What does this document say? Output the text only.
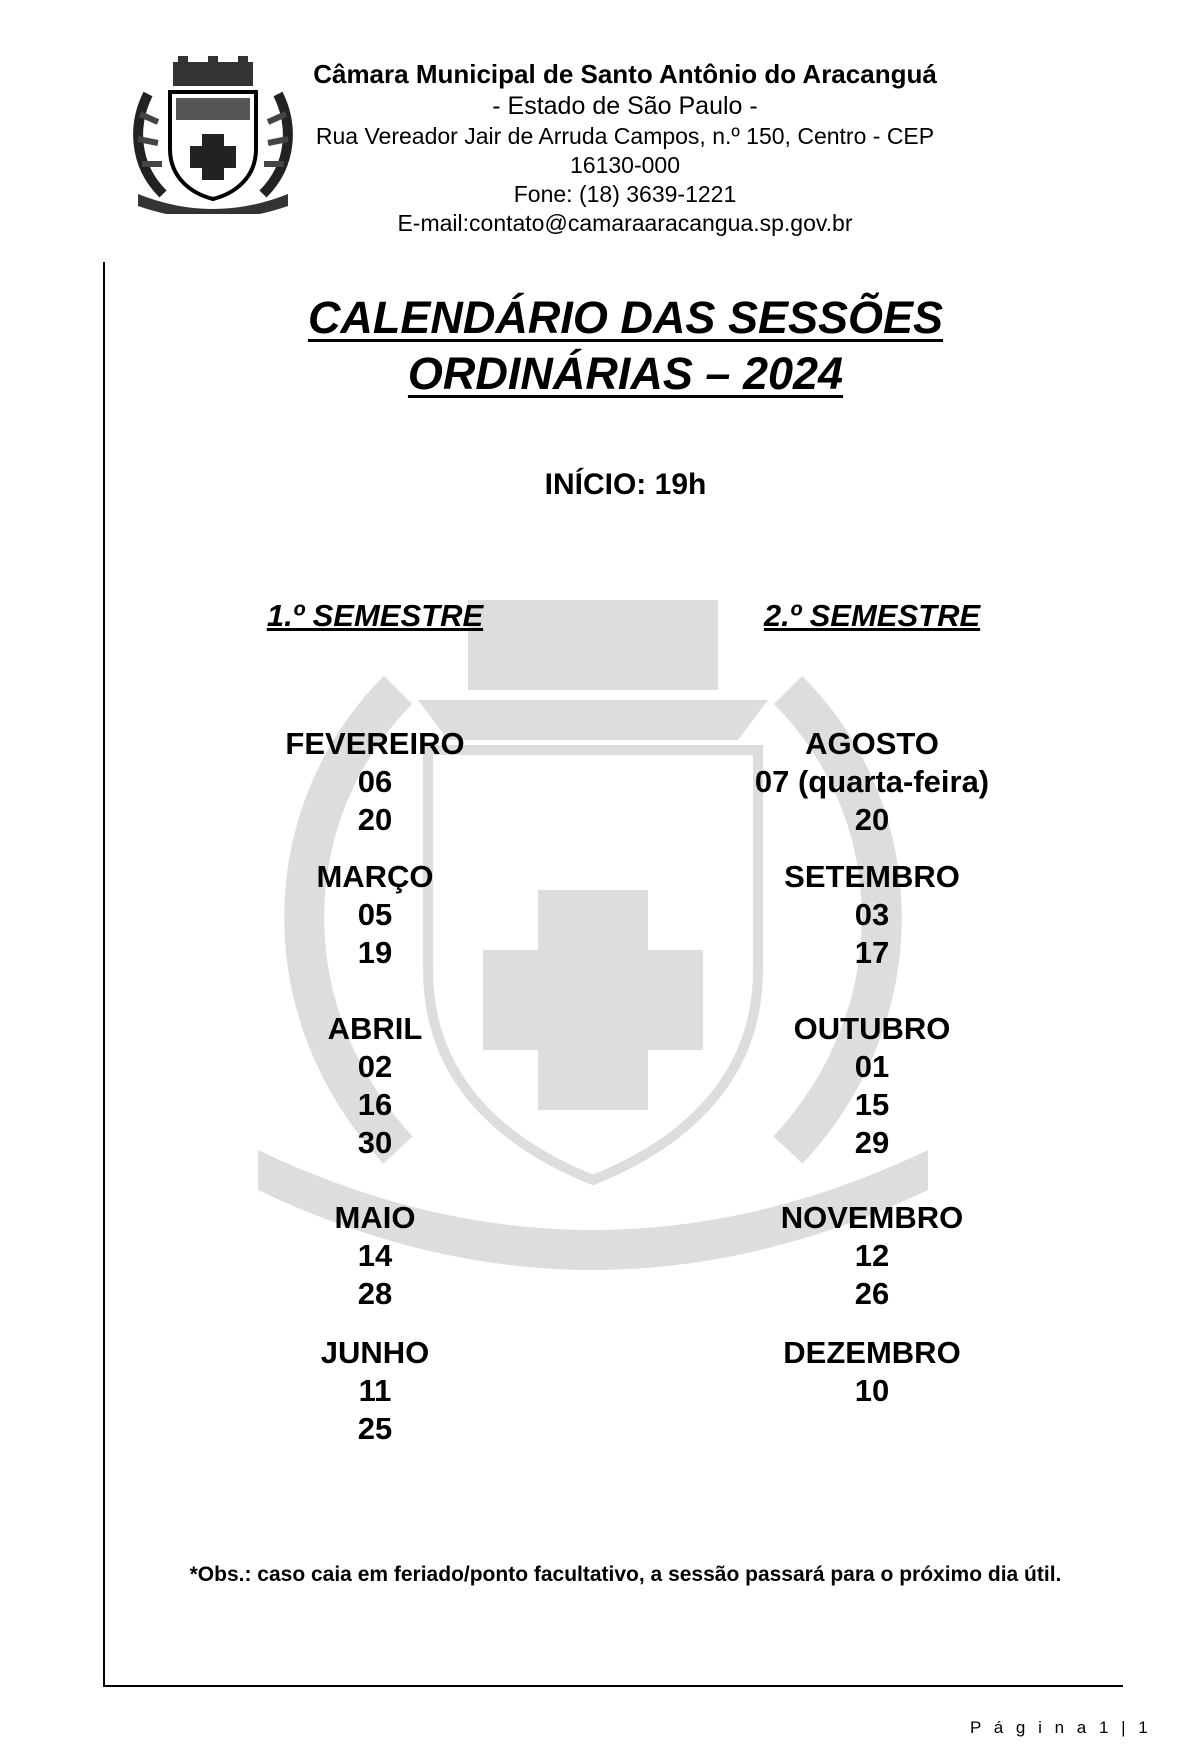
Câmara Municipal de Santo Antônio do Aracanguá
- Estado de São Paulo -
Rua Vereador Jair de Arruda Campos, n.º 150, Centro - CEP 16130-000
Fone: (18) 3639-1221
E-mail:contato@camaraaracangua.sp.gov.br
CALENDÁRIO DAS SESSÕES
ORDINÁRIAS – 2024
INÍCIO: 19h
1.º SEMESTRE	2.º SEMESTRE
FEVEREIRO
06
20
MARÇO
05
19
ABRIL
02
16
30
MAIO
14
28
JUNHO
11
25
AGOSTO
07 (quarta-feira)
20
SETEMBRO
03
17
OUTUBRO
01
15
29
NOVEMBRO
12
26
DEZEMBRO
10
*Obs.: caso caia em feriado/ponto facultativo, a sessão passará para o próximo dia útil.
P á g i n a 1 | 1
